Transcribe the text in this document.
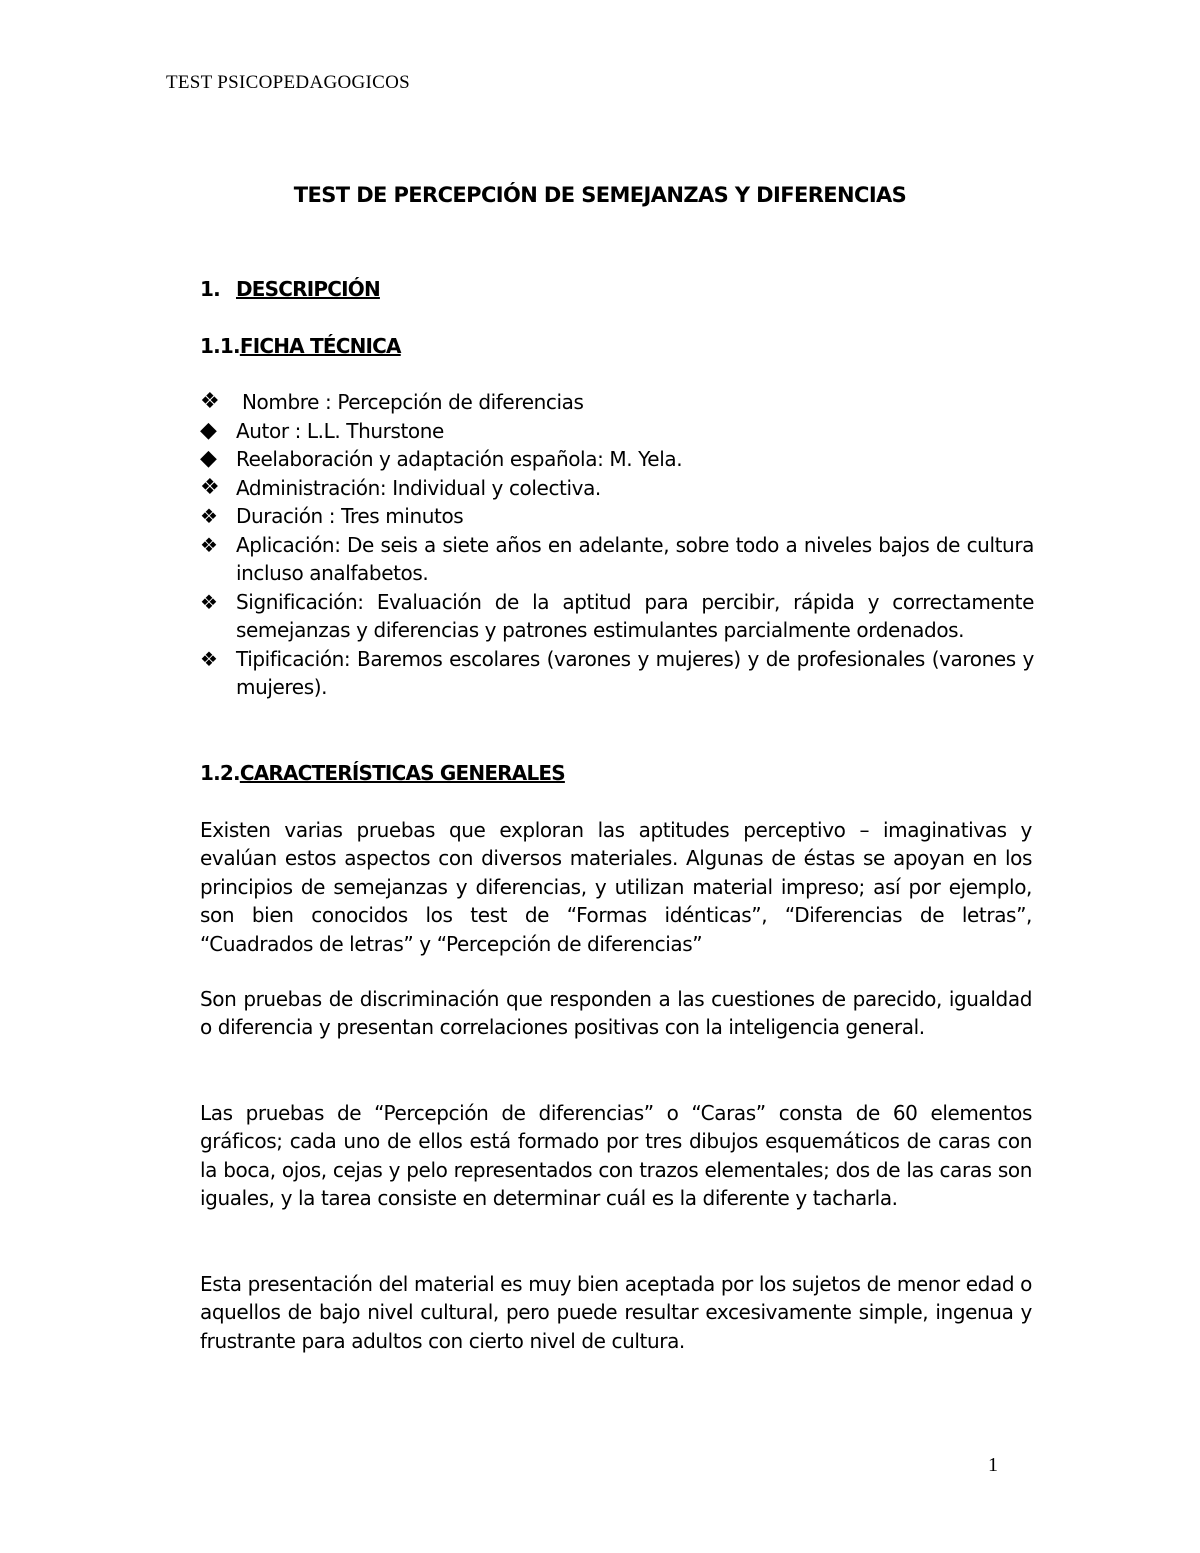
TEST PSICOPEDAGOGICOS
TEST DE PERCEPCIÓN DE SEMEJANZAS Y DIFERENCIAS
1. DESCRIPCIÓN
1.1.FICHA TÉCNICA
❖	Nombre : Percepción de diferencias
◆ Autor : L.L. Thurstone
◆ Reelaboración y adaptación española: M. Yela.
❖ Administración: Individual y colectiva.
❖ Duración : Tres minutos
❖ Aplicación: De seis a siete años en adelante, sobre todo a niveles bajos de cultura incluso analfabetos.
❖ Significación: Evaluación de la aptitud para percibir, rápida y correctamente semejanzas y diferencias y patrones estimulantes parcialmente ordenados.
❖ Tipificación: Baremos escolares (varones y mujeres) y de profesionales (varones y mujeres).
1.2.CARACTERÍSTICAS GENERALES

Existen varias pruebas que exploran las aptitudes perceptivo – imaginativas y evalúan estos aspectos con diversos materiales. Algunas de éstas se apoyan en los principios de semejanzas y diferencias, y utilizan material impreso; así por ejemplo, son bien conocidos los test de “Formas idénticas”, “Diferencias de letras”, “Cuadrados de letras” y “Percepción de diferencias”

Son pruebas de discriminación que responden a las cuestiones de parecido, igualdad o diferencia y presentan correlaciones positivas con la inteligencia general.

Las pruebas de “Percepción de diferencias” o “Caras” consta de 60 elementos gráficos; cada uno de ellos está formado por tres dibujos esquemáticos de caras con la boca, ojos, cejas y pelo representados con trazos elementales; dos de las caras son iguales, y la tarea consiste en determinar cuál es la diferente y tacharla.

Esta presentación del material es muy bien aceptada por los sujetos de menor edad o aquellos de bajo nivel cultural, pero puede resultar excesivamente simple, ingenua y frustrante para adultos con cierto nivel de cultura.

1
